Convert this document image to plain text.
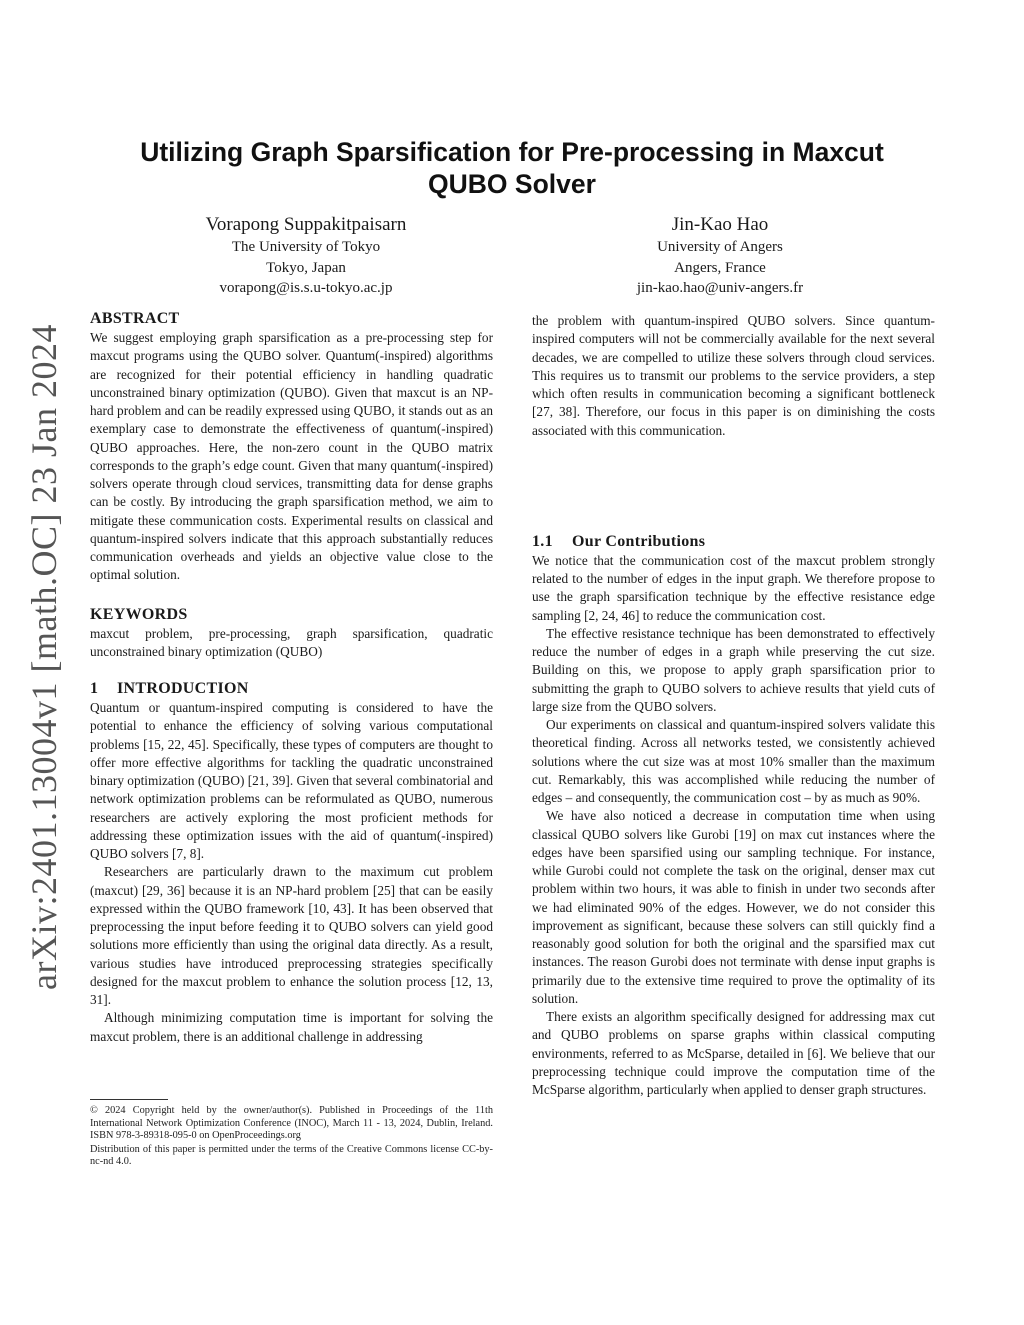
arXiv:2401.13004v1 [math.OC] 23 Jan 2024
Utilizing Graph Sparsification for Pre-processing in Maxcut
QUBO Solver
Vorapong Suppakitpaisarn
The University of Tokyo
Tokyo, Japan
vorapong@is.s.u-tokyo.ac.jp
Jin-Kao Hao
University of Angers
Angers, France
jin-kao.hao@univ-angers.fr
ABSTRACT

We suggest employing graph sparsification as a pre-processing step for maxcut programs using the QUBO solver. Quantum(-inspired) algorithms are recognized for their potential efficiency in handling quadratic unconstrained binary optimization (QUBO). Given that maxcut is an NP-hard problem and can be readily expressed using QUBO, it stands out as an exemplary case to demonstrate the effectiveness of quantum(-inspired) QUBO approaches. Here, the non-zero count in the QUBO matrix corresponds to the graph’s edge count. Given that many quantum(-inspired) solvers operate through cloud services, transmitting data for dense graphs can be costly. By introducing the graph sparsification method, we aim to mitigate these communication costs. Experimental results on classical and quantum-inspired solvers indicate that this approach substantially reduces communication overheads and yields an objective value close to the optimal solution.

KEYWORDS

maxcut problem, pre-processing, graph sparsification, quadratic unconstrained binary optimization (QUBO)

1 INTRODUCTION

Quantum or quantum-inspired computing is considered to have the potential to enhance the efficiency of solving various computational problems [15, 22, 45]. Specifically, these types of computers are thought to offer more effective algorithms for tackling the quadratic unconstrained binary optimization (QUBO) [21, 39]. Given that several combinatorial and network optimization problems can be reformulated as QUBO, numerous researchers are actively exploring the most proficient methods for addressing these optimization issues with the aid of quantum(-inspired) QUBO solvers [7, 8].

Researchers are particularly drawn to the maximum cut problem (maxcut) [29, 36] because it is an NP-hard problem [25] that can be easily expressed within the QUBO framework [10, 43]. It has been observed that preprocessing the input before feeding it to QUBO solvers can yield good solutions more efficiently than using the original data directly. As a result, various studies have introduced preprocessing strategies specifically designed for the maxcut problem to enhance the solution process [12, 13, 31].

Although minimizing computation time is important for solving the maxcut problem, there is an additional challenge in addressing

© 2024 Copyright held by the owner/author(s). Published in Proceedings of the 11th International Network Optimization Conference (INOC), March 11 - 13, 2024, Dublin, Ireland. ISBN 978-3-89318-095-0 on OpenProceedings.org

Distribution of this paper is permitted under the terms of the Creative Commons license CC-by-nc-nd 4.0.

the problem with quantum-inspired QUBO solvers. Since quantum-inspired computers will not be commercially available for the next several decades, we are compelled to utilize these solvers through cloud services. This requires us to transmit our problems to the service providers, a step which often results in communication becoming a significant bottleneck [27, 38]. Therefore, our focus in this paper is on diminishing the costs associated with this communication.

1.1 Our Contributions

We notice that the communication cost of the maxcut problem strongly related to the number of edges in the input graph. We therefore propose to use the graph sparsification technique by the effective resistance edge sampling [2, 24, 46] to reduce the communication cost.

The effective resistance technique has been demonstrated to effectively reduce the number of edges in a graph while preserving the cut size. Building on this, we propose to apply graph sparsification prior to submitting the graph to QUBO solvers to achieve results that yield cuts of large size from the QUBO solvers.

Our experiments on classical and quantum-inspired solvers validate this theoretical finding. Across all networks tested, we consistently achieved solutions where the cut size was at most 10% smaller than the maximum cut. Remarkably, this was accomplished while reducing the number of edges – and consequently, the communication cost – by as much as 90%.

We have also noticed a decrease in computation time when using classical QUBO solvers like Gurobi [19] on max cut instances where the edges have been sparsified using our sampling technique. For instance, while Gurobi could not complete the task on the original, denser max cut problem within two hours, it was able to finish in under two seconds after we had eliminated 90% of the edges. However, we do not consider this improvement as significant, because these solvers can still quickly find a reasonably good solution for both the original and the sparsified max cut instances. The reason Gurobi does not terminate with dense input graphs is primarily due to the extensive time required to prove the optimality of its solution.

There exists an algorithm specifically designed for addressing max cut and QUBO problems on sparse graphs within classical computing environments, referred to as McSparse, detailed in [6]. We believe that our preprocessing technique could improve the computation time of the McSparse algorithm, particularly when applied to denser graph structures.
